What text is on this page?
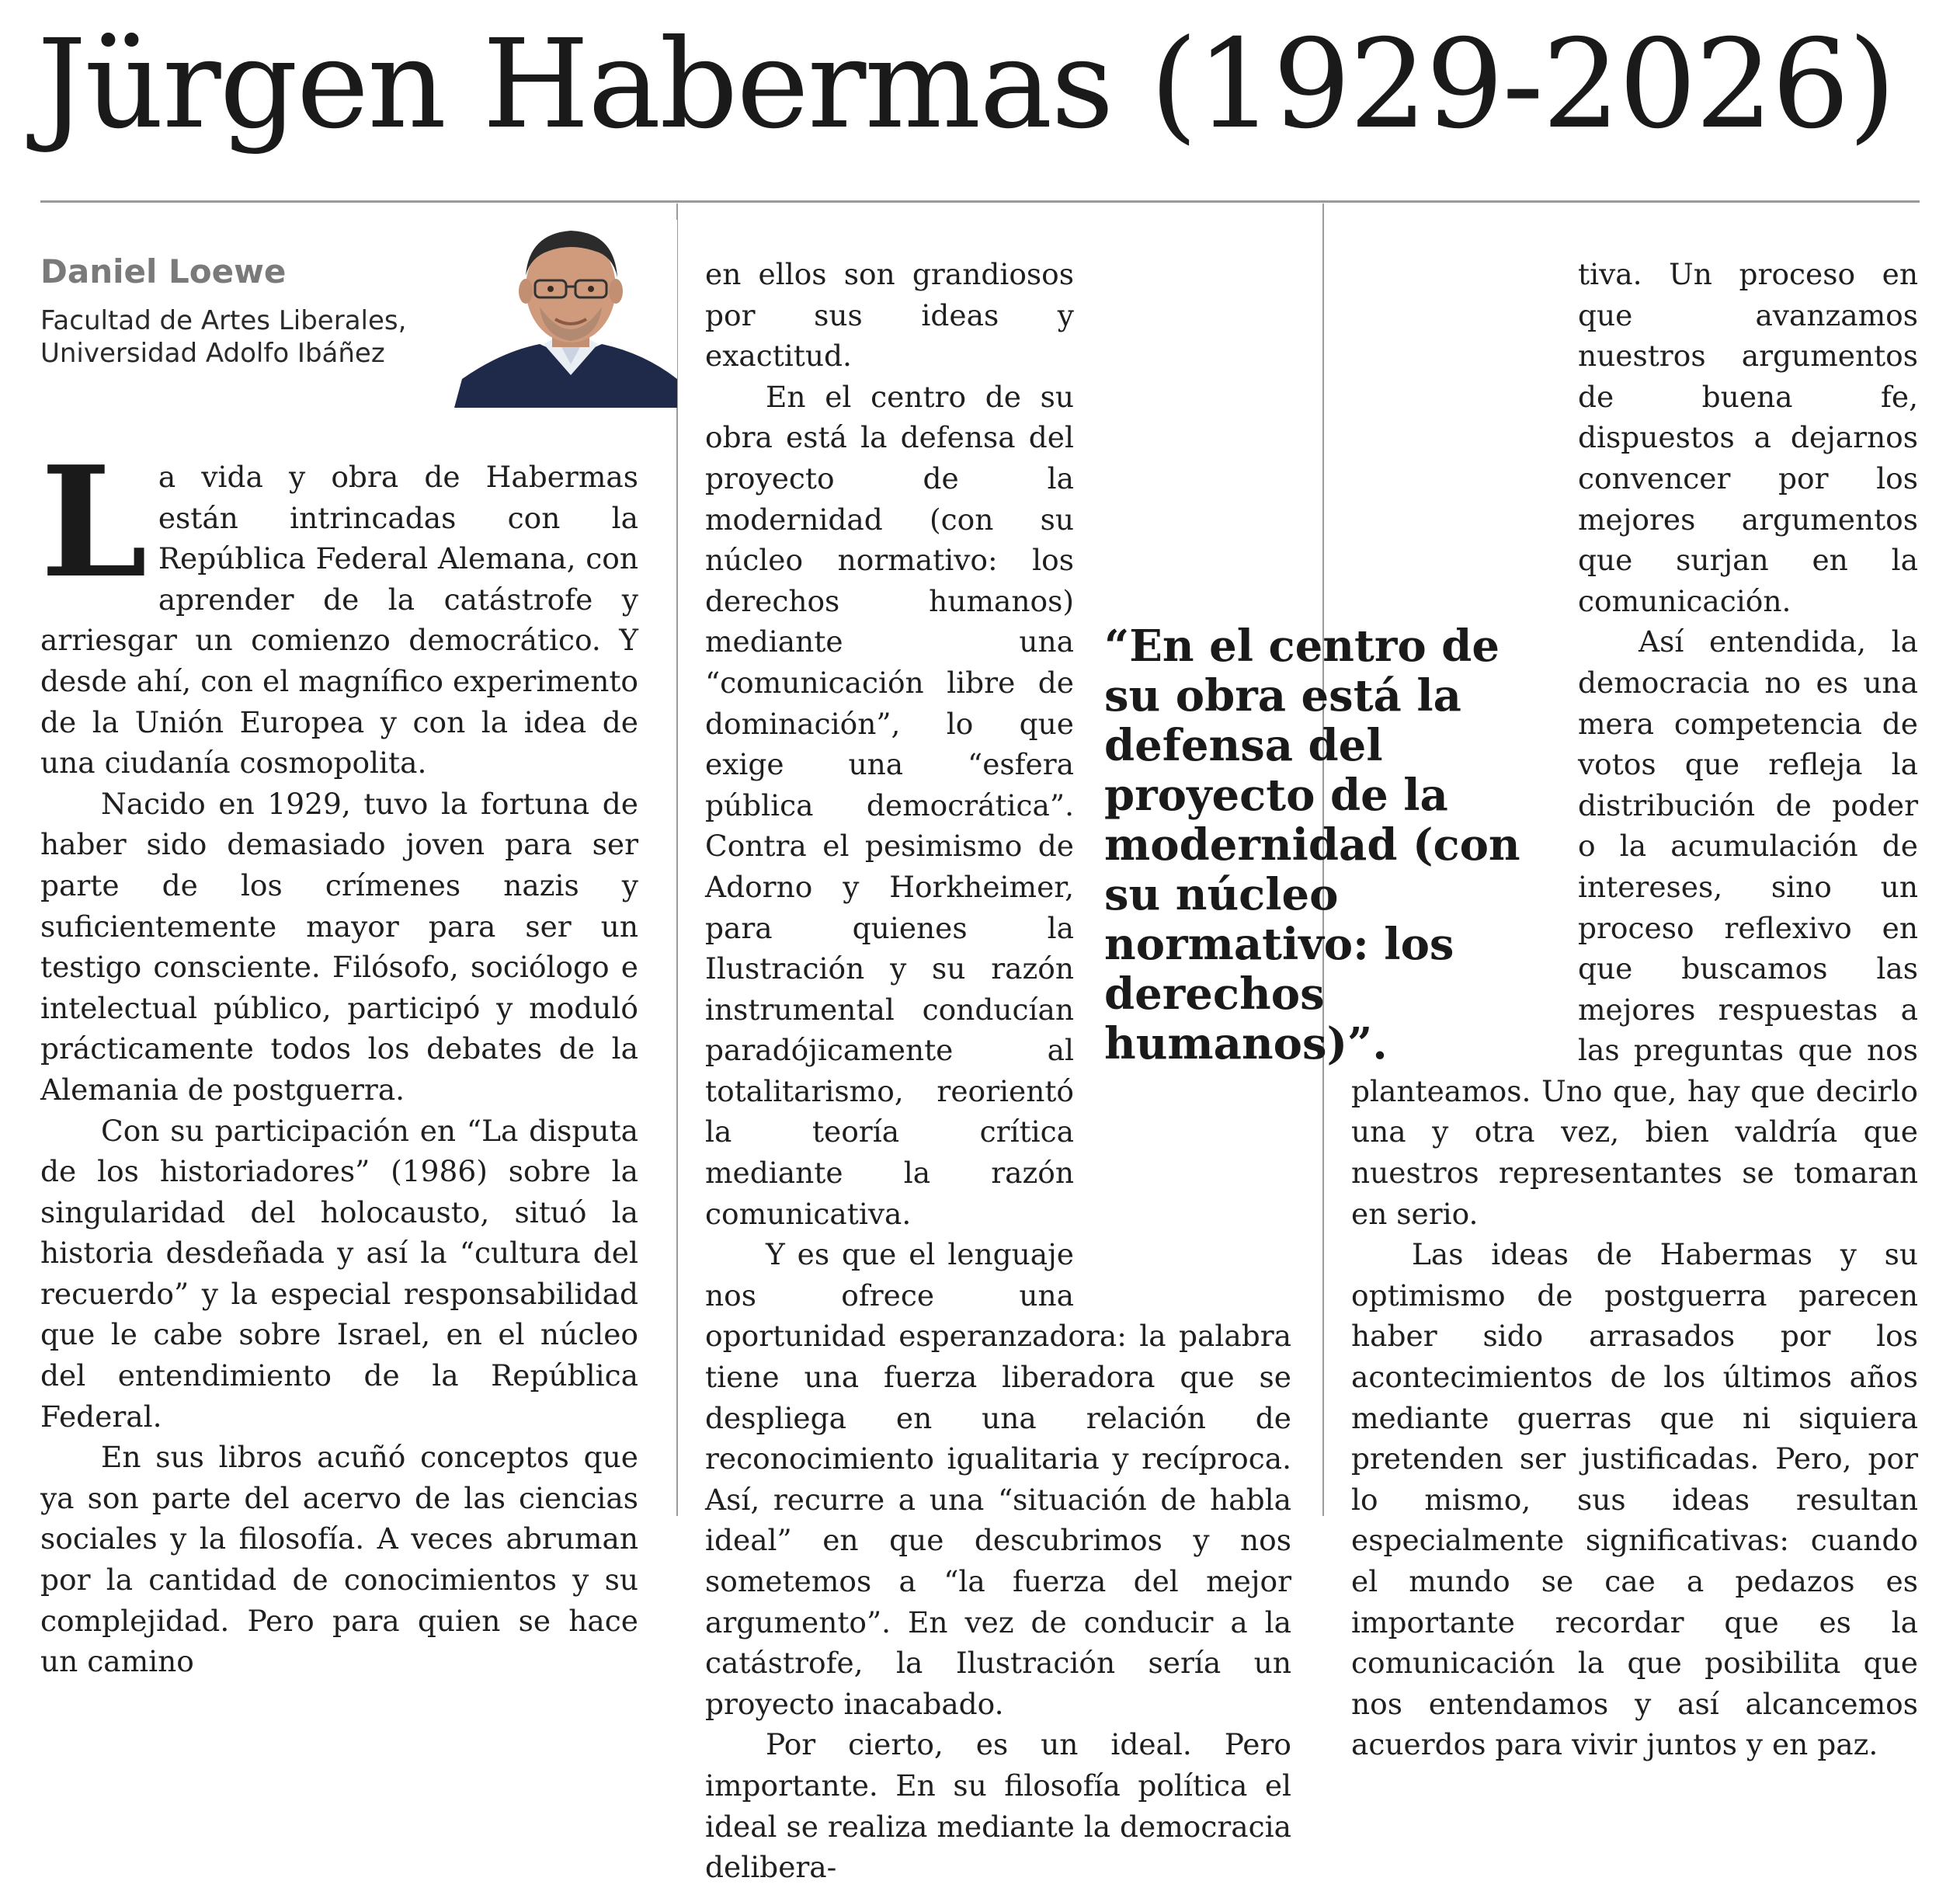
Jürgen Habermas (1929-2026)
Daniel Loewe
Facultad de Artes Liberales,
Universidad Adolfo Ibáñez
L a vida y obra de Habermas están intrincadas con la República Federal Alemana, con aprender de la catástrofe y arriesgar un comienzo democrático. Y desde ahí, con el magnífico experimento de la Unión Europea y con la idea de una ciudanía cosmopolita.

Nacido en 1929, tuvo la fortuna de haber sido demasiado joven para ser parte de los crímenes nazis y suficientemente mayor para ser un testigo consciente. Filósofo, sociólogo e intelectual público, participó y moduló prácticamente todos los debates de la Alemania de postguerra.

Con su participación en “La disputa de los historiadores” (1986) sobre la singularidad del holocausto, situó la historia desdeñada y así la “cultura del recuerdo” y la especial responsabilidad que le cabe sobre Israel, en el núcleo del entendimiento de la República Federal.

En sus libros acuñó conceptos que ya son parte del acervo de las ciencias sociales y la filosofía. A veces abruman por la cantidad de conocimientos y su complejidad. Pero para quien se hace un camino

en ellos son grandiosos por sus ideas y exactitud.

En el centro de su obra está la defensa del proyecto de la modernidad (con su núcleo normativo: los derechos humanos) mediante una “comunicación libre de dominación”, lo que exige una “esfera pública democrática”. Contra el pesimismo de Adorno y Horkheimer, para quienes la Ilustración y su razón instrumental conducían paradójicamente al totalitarismo, reorientó la teoría crítica mediante la razón comunicativa.

Y es que el lenguaje nos ofrece una oportunidad esperanzadora: la palabra tiene una fuerza liberadora que se despliega en una relación de reconocimiento igualitaria y recíproca. Así, recurre a una “situación de habla ideal” en que descubrimos y nos sometemos a “la fuerza del mejor argumento”. En vez de conducir a la catástrofe, la Ilustración sería un proyecto inacabado.

Por cierto, es un ideal. Pero importante. En su filosofía política el ideal se realiza mediante la democracia delibera-

tiva. Un proceso en que avanzamos nuestros argumentos de buena fe, dispuestos a dejarnos convencer por los mejores argumentos que surjan en la comunicación.

Así entendida, la democracia no es una mera competencia de votos que refleja la distribución de poder o la acumulación de intereses, sino un proceso reflexivo en que buscamos las mejores respuestas a las preguntas que nos planteamos. Uno que, hay que decirlo una y otra vez, bien valdría que nuestros representantes se tomaran en serio.

Las ideas de Habermas y su optimismo de postguerra parecen haber sido arrasados por los acontecimientos de los últimos años mediante guerras que ni siquiera pretenden ser justificadas. Pero, por lo mismo, sus ideas resultan especialmente significativas: cuando el mundo se cae a pedazos es importante recordar que es la comunicación la que posibilita que nos entendamos y así alcancemos acuerdos para vivir juntos y en paz.

“En el centro de su obra está la defensa del proyecto de la modernidad (con su núcleo normativo: los derechos humanos)”.
